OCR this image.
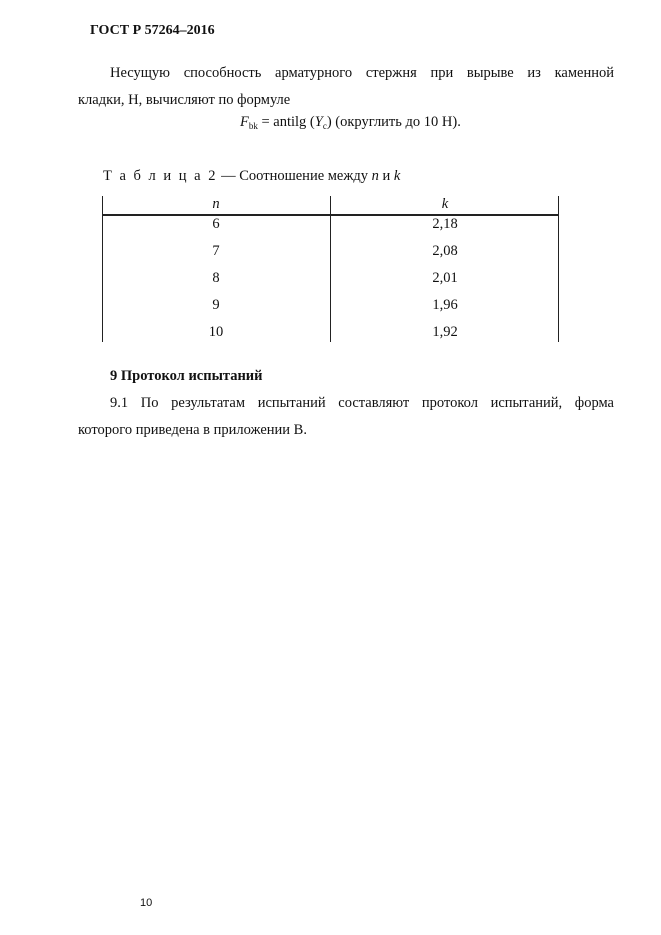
ГОСТ Р 57264–2016
Несущую способность арматурного стержня при вырыве из каменной
кладки, Н, вычисляют по формуле
$F_{bk}$ = antilg $(Y_c)$ (округлить до 10 Н).
Т а б л и ц а 2 — Соотношение между n и k
n	k
6	2,18
7	2,08
8	2,01
9	1,96
10	1,92
9 Протокол испытаний
9.1 По результатам испытаний составляют протокол испытаний, форма
которого приведена в приложении В.
10
